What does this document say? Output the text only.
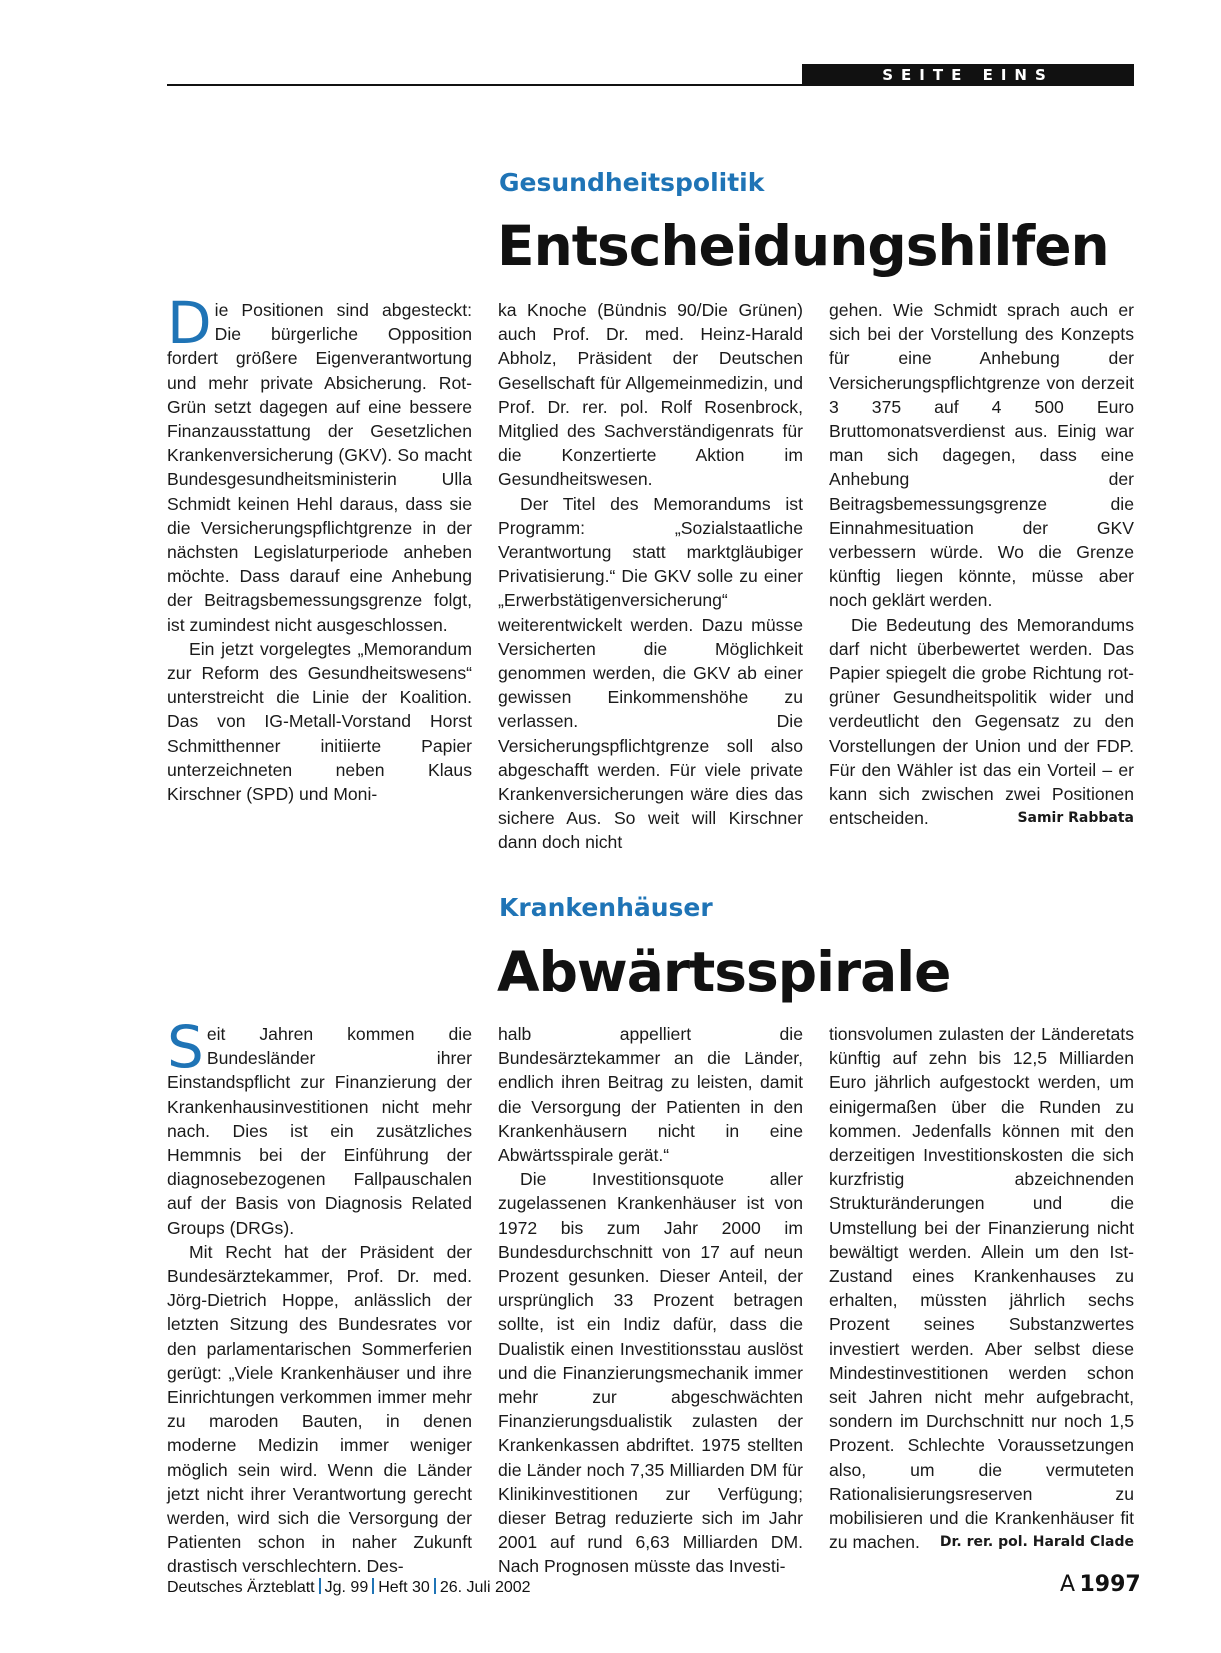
SEITE EINS
Gesundheitspolitik
Entscheidungshilfen

Die Positionen sind abgesteckt: Die bürgerliche Opposition fordert größere Eigenverantwortung und mehr private Absicherung. Rot-Grün setzt dagegen auf eine bessere Finanzausstattung der Gesetzlichen Krankenversicherung (GKV). So macht Bundesgesundheitsministerin Ulla Schmidt keinen Hehl daraus, dass sie die Versicherungspflichtgrenze in der nächsten Legislaturperiode anheben möchte. Dass darauf eine Anhebung der Beitragsbemessungsgrenze folgt, ist zumindest nicht ausgeschlossen.

Ein jetzt vorgelegtes „Memorandum zur Reform des Gesundheitswesens“ unterstreicht die Linie der Koalition. Das von IG-Metall-Vorstand Horst Schmitthenner initiierte Papier unterzeichneten neben Klaus Kirschner (SPD) und Moni-

ka Knoche (Bündnis 90/Die Grünen) auch Prof. Dr. med. Heinz-Harald Abholz, Präsident der Deutschen Gesellschaft für Allgemeinmedizin, und Prof. Dr. rer. pol. Rolf Rosenbrock, Mitglied des Sachverständigenrats für die Konzertierte Aktion im Gesundheitswesen.

Der Titel des Memorandums ist Programm: „Sozialstaatliche Verantwortung statt marktgläubiger Privatisierung.“ Die GKV solle zu einer „Erwerbstätigenversicherung“ weiterentwickelt werden. Dazu müsse Versicherten die Möglichkeit genommen werden, die GKV ab einer gewissen Einkommenshöhe zu verlassen. Die Versicherungspflichtgrenze soll also abgeschafft werden. Für viele private Krankenversicherungen wäre dies das sichere Aus. So weit will Kirschner dann doch nicht

gehen. Wie Schmidt sprach auch er sich bei der Vorstellung des Konzepts für eine Anhebung der Versicherungspflichtgrenze von derzeit 3 375 auf 4 500 Euro Bruttomonatsverdienst aus. Einig war man sich dagegen, dass eine Anhebung der Beitragsbemessungsgrenze die Einnahmesituation der GKV verbessern würde. Wo die Grenze künftig liegen könnte, müsse aber noch geklärt werden.

Die Bedeutung des Memorandums darf nicht überbewertet werden. Das Papier spiegelt die grobe Richtung rot-grüner Gesundheitspolitik wider und verdeutlicht den Gegensatz zu den Vorstellungen der Union und der FDP. Für den Wähler ist das ein Vorteil – er kann sich zwischen zwei Positionen entscheiden.	Samir Rabbata

Krankenhäuser
Abwärtsspirale

Seit Jahren kommen die Bundesländer ihrer Einstandspflicht zur Finanzierung der Krankenhausinvestitionen nicht mehr nach. Dies ist ein zusätzliches Hemmnis bei der Einführung der diagnosebezogenen Fallpauschalen auf der Basis von Diagnosis Related Groups (DRGs).

Mit Recht hat der Präsident der Bundesärztekammer, Prof. Dr. med. Jörg-Dietrich Hoppe, anlässlich der letzten Sitzung des Bundesrates vor den parlamentarischen Sommerferien gerügt: „Viele Krankenhäuser und ihre Einrichtungen verkommen immer mehr zu maroden Bauten, in denen moderne Medizin immer weniger möglich sein wird. Wenn die Länder jetzt nicht ihrer Verantwortung gerecht werden, wird sich die Versorgung der Patienten schon in naher Zukunft drastisch verschlechtern. Des-

halb appelliert die Bundesärztekammer an die Länder, endlich ihren Beitrag zu leisten, damit die Versorgung der Patienten in den Krankenhäusern nicht in eine Abwärtsspirale gerät.“

Die Investitionsquote aller zugelassenen Krankenhäuser ist von 1972 bis zum Jahr 2000 im Bundesdurchschnitt von 17 auf neun Prozent gesunken. Dieser Anteil, der ursprünglich 33 Prozent betragen sollte, ist ein Indiz dafür, dass die Dualistik einen Investitionsstau auslöst und die Finanzierungsmechanik immer mehr zur abgeschwächten Finanzierungsdualistik zulasten der Krankenkassen abdriftet. 1975 stellten die Länder noch 7,35 Milliarden DM für Klinikinvestitionen zur Verfügung; dieser Betrag reduzierte sich im Jahr 2001 auf rund 6,63 Milliarden DM. Nach Prognosen müsste das Investi-

tionsvolumen zulasten der Länderetats künftig auf zehn bis 12,5 Milliarden Euro jährlich aufgestockt werden, um einigermaßen über die Runden zu kommen. Jedenfalls können mit den derzeitigen Investitionskosten die sich kurzfristig abzeichnenden Strukturänderungen und die Umstellung bei der Finanzierung nicht bewältigt werden. Allein um den Ist-Zustand eines Krankenhauses zu erhalten, müssten jährlich sechs Prozent seines Substanzwertes investiert werden. Aber selbst diese Mindestinvestitionen werden schon seit Jahren nicht mehr aufgebracht, sondern im Durchschnitt nur noch 1,5 Prozent. Schlechte Voraussetzungen also, um die vermuteten Rationalisierungsreserven zu mobilisieren und die Krankenhäuser fit zu machen. Dr. rer. pol. Harald Clade

Deutsches Ärzteblatt Jg. 99 Heft 30 26. Juli 2002	A  1997
